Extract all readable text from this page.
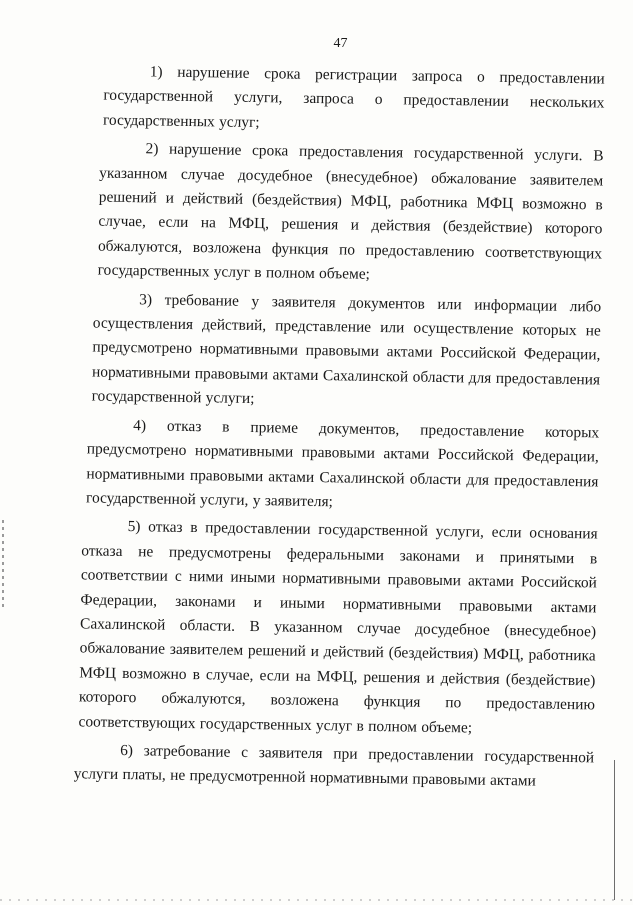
47

1) нарушение срока регистрации запроса о предоставлении государственной услуги, запроса о предоставлении нескольких государственных услуг;

2) нарушение срока предоставления государственной услуги. В указанном случае досудебное (внесудебное) обжалование заявителем решений и действий (бездействия) МФЦ, работника МФЦ возможно в случае, если на МФЦ, решения и действия (бездействие) которого обжалуются, возложена функция по предоставлению соответствующих государственных услуг в полном объеме;

3) требование у заявителя документов или информации либо осуществления действий, представление или осуществление которых не предусмотрено нормативными правовыми актами Российской Федерации, нормативными правовыми актами Сахалинской области для предоставления государственной услуги;

4) отказ в приеме документов, предоставление которых предусмотрено нормативными правовыми актами Российской Федерации, нормативными правовыми актами Сахалинской области для предоставления государственной услуги, у заявителя;

5) отказ в предоставлении государственной услуги, если основания отказа не предусмотрены федеральными законами и принятыми в соответствии с ними иными нормативными правовыми актами Российской Федерации, законами и иными нормативными правовыми актами Сахалинской области. В указанном случае досудебное (внесудебное) обжалование заявителем решений и действий (бездействия) МФЦ, работника МФЦ возможно в случае, если на МФЦ, решения и действия (бездействие) которого обжалуются, возложена функция по предоставлению соответствующих государственных услуг в полном объеме;

6) затребование с заявителя при предоставлении государственной услуги платы, не предусмотренной нормативными правовыми актами
